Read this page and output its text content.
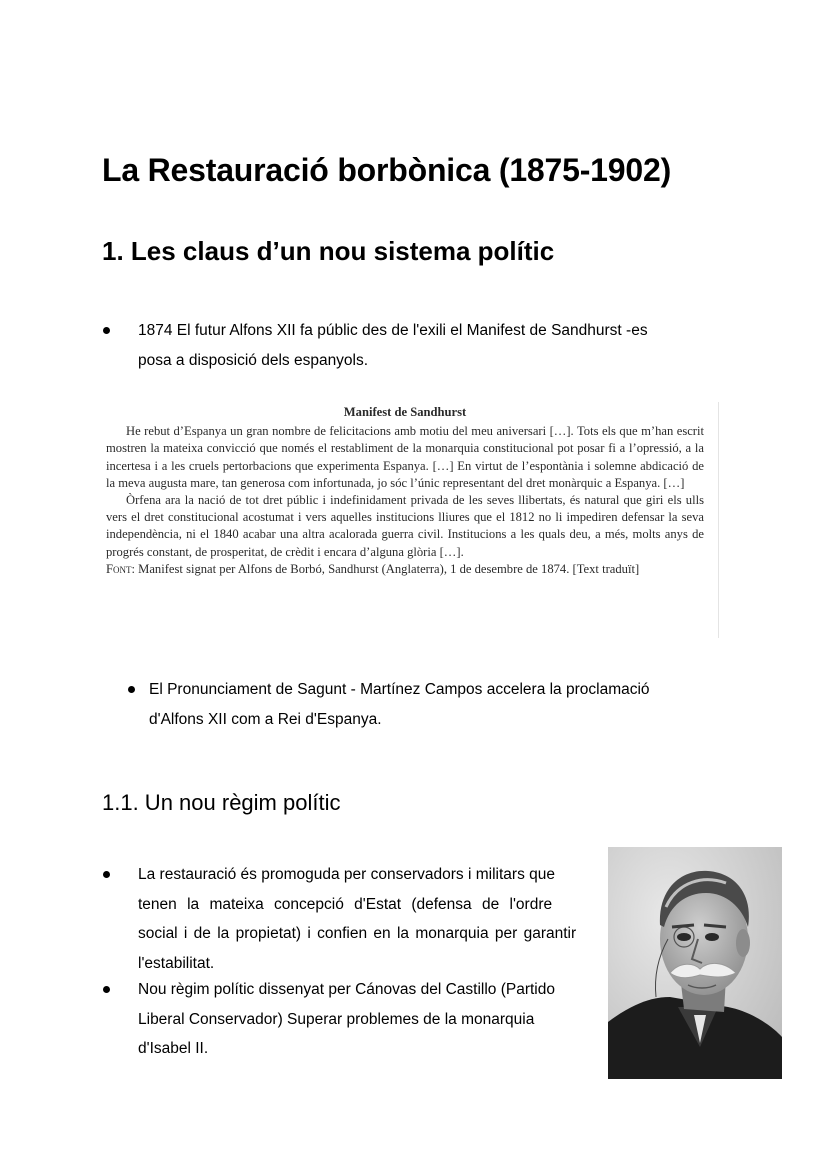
La Restauració borbònica (1875-1902)
1. Les claus d’un nou sistema polític
1874 El futur Alfons XII fa públic des de l'exili el Manifest de Sandhurst -es
posa a disposició dels espanyols.

Manifest de Sandhurst

He rebut d’Espanya un gran nombre de felicitacions amb motiu del meu aniversari […]. Tots els que m’han escrit mostren la mateixa convicció que només el restabliment de la monarquia constitucional pot posar fi a l’opressió, a la incertesa i a les cruels pertorbacions que experimenta Espanya. […] En virtut de l’espontània i solemne abdicació de la meva augusta mare, tan generosa com infortunada, jo sóc l’únic representant del dret monàrquic a Espanya. […]

Òrfena ara la nació de tot dret públic i indefinidament privada de les seves llibertats, és natural que giri els ulls vers el dret constitucional acostumat i vers aquelles institucions lliures que el 1812 no li impediren defensar la seva independència, ni el 1840 acabar una altra acalorada guerra civil. Institucions a les quals deu, a més, molts anys de progrés constant, de prosperitat, de crèdit i encara d’alguna glòria […].

Font: Manifest signat per Alfons de Borbó, Sandhurst (Anglaterra), 1 de desembre de 1874. [Text traduït]

El Pronunciament de Sagunt - Martínez Campos accelera la proclamació
d'Alfons XII com a Rei d'Espanya.
1.1. Un nou règim polític
La restauració és promoguda per conservadors i militars que
tenen la mateixa concepció d'Estat (defensa de l'ordre
social i de la propietat) i confien en la monarquia per garantir
l'estabilitat.
Nou règim polític dissenyat per Cánovas del Castillo (Partido
Liberal Conservador) Superar problemes de la monarquia
d'Isabel II.
